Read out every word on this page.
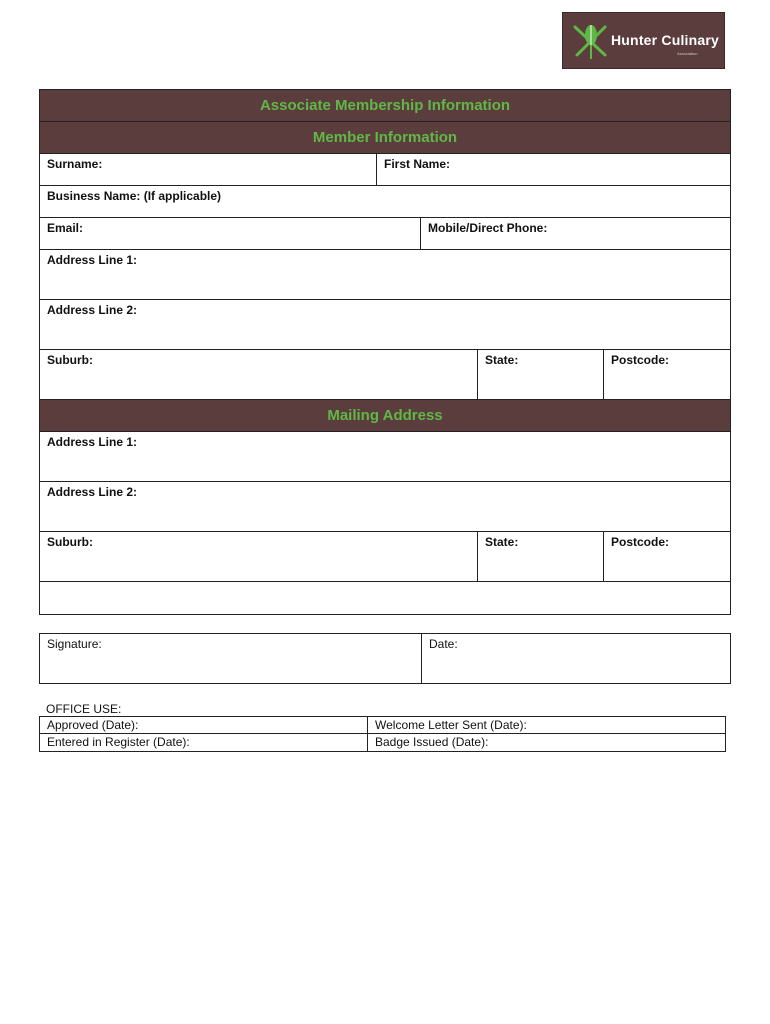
Hunter Culinary
Association
Associate Membership Information
Member Information
Surname:	First Name:
Business Name: (If applicable)
Email:	Mobile/Direct Phone:
Address Line 1:
Address Line 2:
Suburb:	State:	Postcode:
Mailing Address
Address Line 1:
Address Line 2:
Suburb:	State:	Postcode:
Signature:	Date:
OFFICE USE:
Approved (Date):	Welcome Letter Sent (Date):
Entered in Register (Date):	Badge Issued (Date):
